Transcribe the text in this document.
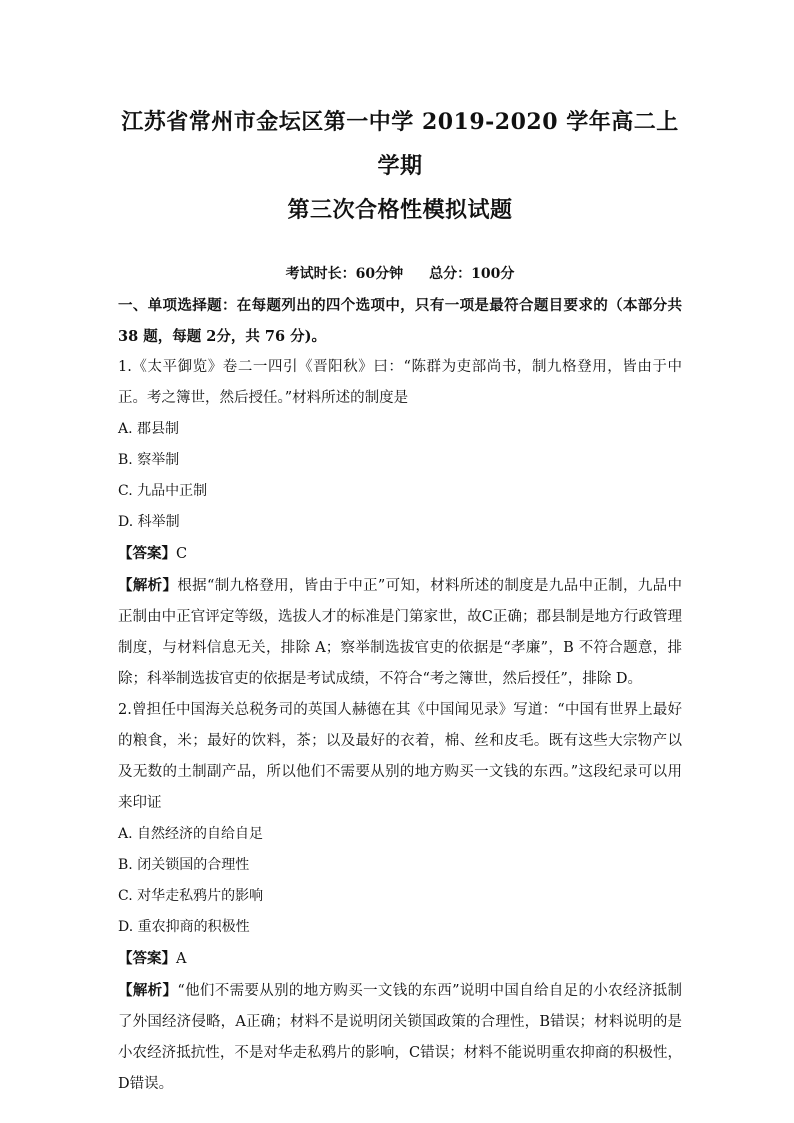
江苏省常州市金坛区第一中学 2019-2020 学年高二上学期
第三次合格性模拟试题
考试时长：60分钟 总分：100分
一、单项选择题：在每题列出的四个选项中，只有一项是最符合题目要求的（本部分共 38 题，每题 2分，共 76 分)。

1.《太平御览》卷二一四引《晋阳秋》曰：“陈群为吏部尚书，制九格登用，皆由于中正。考之簿世，然后授任。”材料所述的制度是

A. 郡县制

B. 察举制

C. 九品中正制

D. 科举制

【答案】C

【解析】根据“制九格登用，皆由于中正”可知，材料所述的制度是九品中正制，九品中正制由中正官评定等级，选拔人才的标准是门第家世，故C正确；郡县制是地方行政管理制度，与材料信息无关，排除 A；察举制选拔官吏的依据是“孝廉”，B 不符合题意，排除；科举制选拔官吏的依据是考试成绩，不符合“考之簿世，然后授任”，排除 D。

2.曾担任中国海关总税务司的英国人赫德在其《中国闻见录》写道：“中国有世界上最好的粮食，米；最好的饮料，茶；以及最好的衣着，棉、丝和皮毛。既有这些大宗物产以及无数的土制副产品，所以他们不需要从别的地方购买一文钱的东西。”这段纪录可以用来印证

A. 自然经济的自给自足

B. 闭关锁国的合理性

C. 对华走私鸦片的影响

D. 重农抑商的积极性

【答案】A

【解析】“他们不需要从别的地方购买一文钱的东西”说明中国自给自足的小农经济抵制了外国经济侵略，A正确；材料不是说明闭关锁国政策的合理性，B错误；材料说明的是小农经济抵抗性，不是对华走私鸦片的影响，C错误；材料不能说明重农抑商的积极性，D错误。
